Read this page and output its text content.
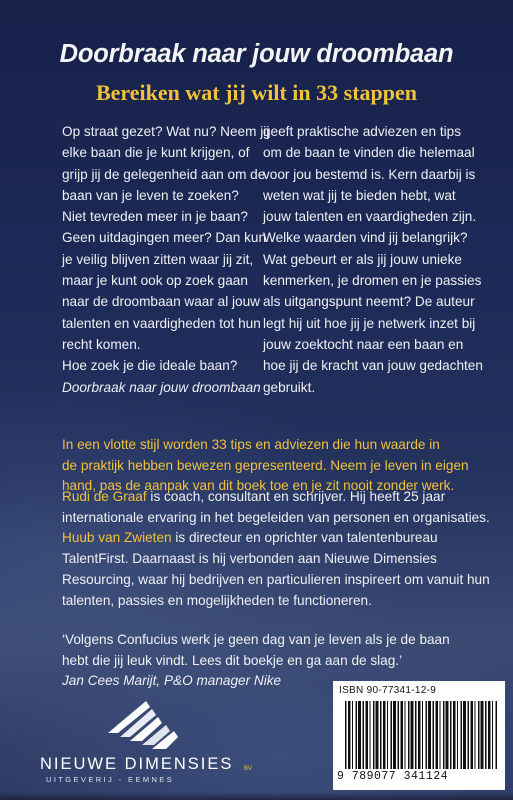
Doorbraak naar jouw droombaan
Bereiken wat jij wilt in 33 stappen
Op straat gezet? Wat nu? Neem jij
elke baan die je kunt krijgen, of
grijp jij de gelegenheid aan om de
baan van je leven te zoeken?
Niet tevreden meer in je baan?
Geen uitdagingen meer? Dan kun
je veilig blijven zitten waar jij zit,
maar je kunt ook op zoek gaan
naar de droombaan waar al jouw
talenten en vaardigheden tot hun
recht komen.
Hoe zoek je die ideale baan?
Doorbraak naar jouw droombaan
geeft praktische adviezen en tips
om de baan te vinden die helemaal
voor jou bestemd is. Kern daarbij is
weten wat jij te bieden hebt, wat
jouw talenten en vaardigheden zijn.
Welke waarden vind jij belangrijk?
Wat gebeurt er als jij jouw unieke
kenmerken, je dromen en je passies
als uitgangspunt neemt? De auteur
legt hij uit hoe jij je netwerk inzet bij
jouw zoektocht naar een baan en
hoe jij de kracht van jouw gedachten
gebruikt.
In een vlotte stijl worden 33 tips en adviezen die hun waarde in
de praktijk hebben bewezen gepresenteerd. Neem je leven in eigen
hand, pas de aanpak van dit boek toe en je zit nooit zonder werk.
Rudi de Graaf is coach, consultant en schrijver. Hij heeft 25 jaar
internationale ervaring in het begeleiden van personen en organisaties.
Huub van Zwieten is directeur en oprichter van talentenbureau
TalentFirst. Daarnaast is hij verbonden aan Nieuwe Dimensies
Resourcing, waar hij bedrijven en particulieren inspireert om vanuit hun
talenten, passies en mogelijkheden te functioneren.
‘Volgens Confucius werk je geen dag van je leven als je de baan
hebt die jij leuk vindt. Lees dit boekje en ga aan de slag.’
Jan Cees Marijt, P&O manager Nike
ISBN 90-77341-12-9
9 789077 341124
NIEUWE DIMENSIES BV
UITGEVERIJ - EEMNES
